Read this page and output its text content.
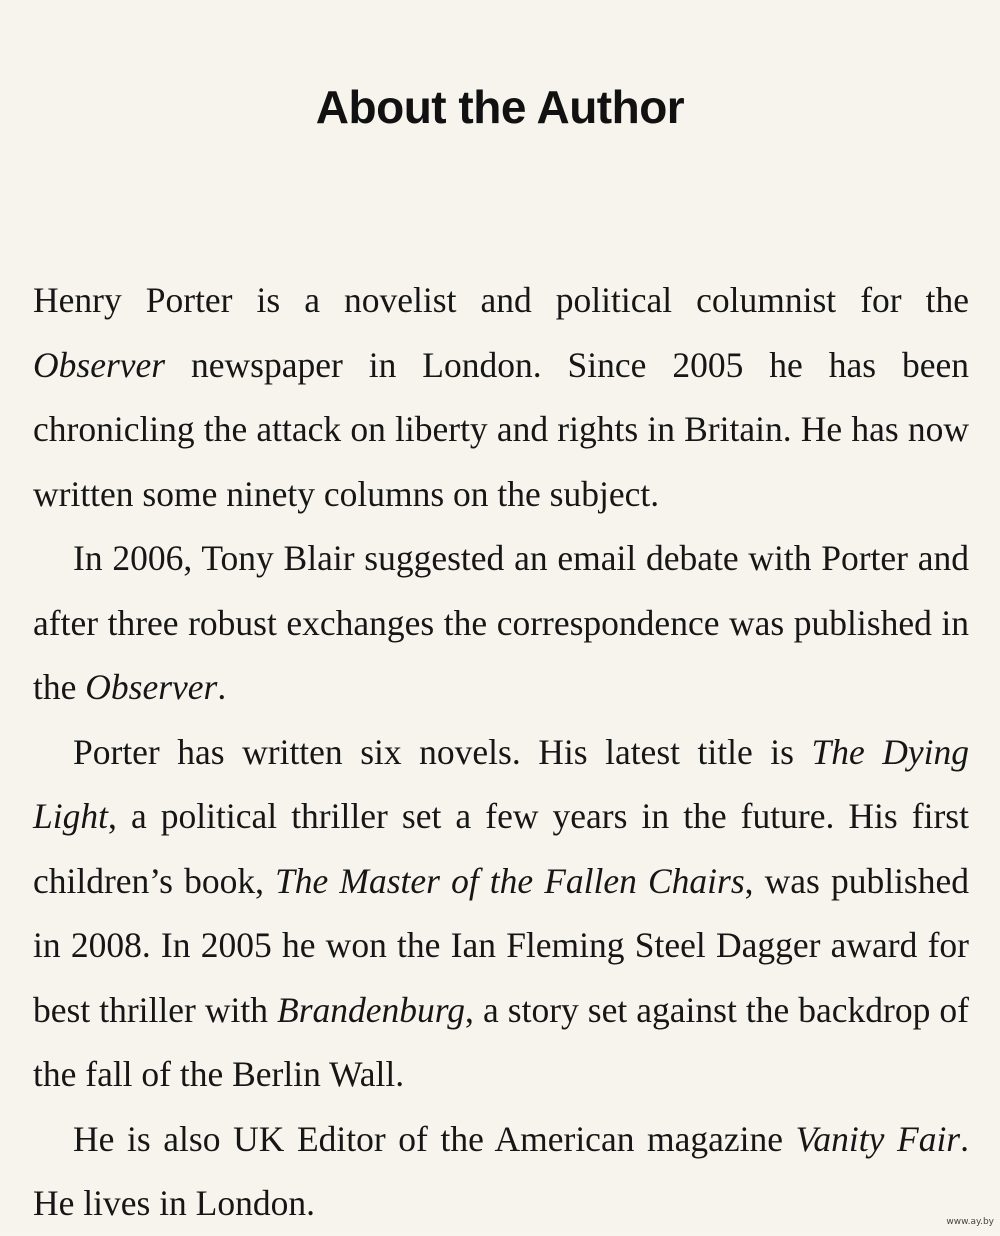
About the Author

Henry Porter is a novelist and political columnist for the Observer newspaper in London. Since 2005 he has been chronicling the attack on liberty and rights in Britain. He has now written some ninety columns on the subject.

In 2006, Tony Blair suggested an email debate with Porter and after three robust exchanges the correspondence was published in the Observer.

Porter has written six novels. His latest title is The Dying Light, a political thriller set a few years in the future. His first children’s book, The Master of the Fallen Chairs, was published in 2008. In 2005 he won the Ian Fleming Steel Dagger award for best thriller with Brandenburg, a story set against the backdrop of the fall of the Berlin Wall.

He is also UK Editor of the American magazine Vanity Fair. He lives in London.	www.ay.by
